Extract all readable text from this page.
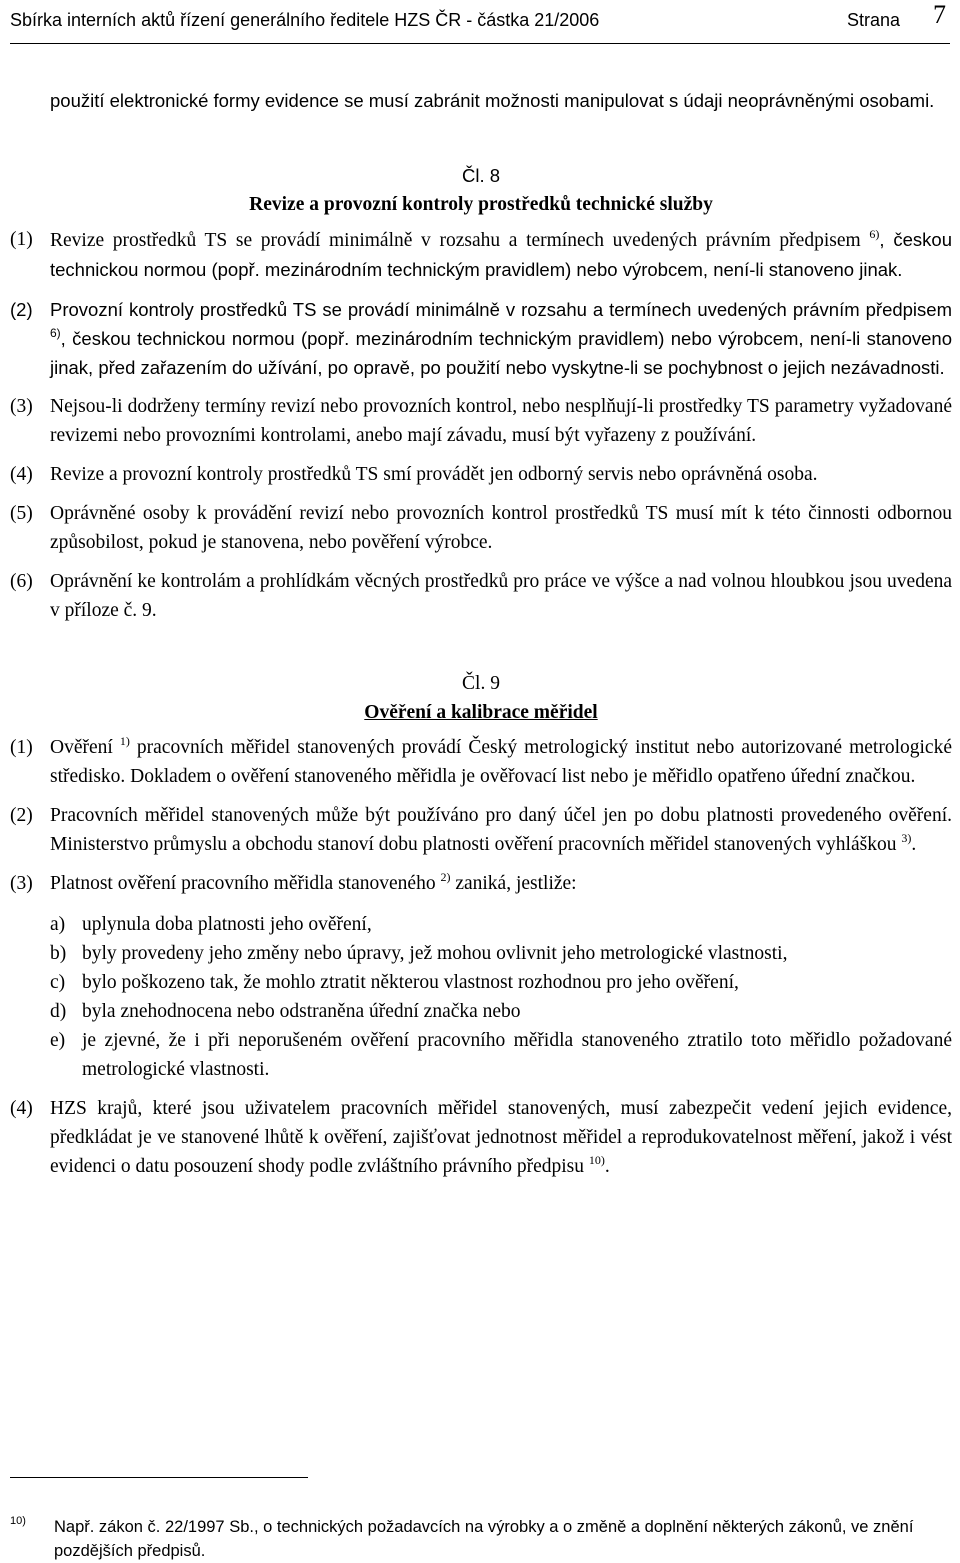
Sbírka interních aktů řízení generálního ředitele HZS ČR - částka 21/2006	Strana 7

použití elektronické formy evidence se musí zabránit možnosti manipulovat s údaji neoprávněnými osobami.

Čl. 8

Revize a provozní kontroly prostředků technické služby

(1) Revize prostředků TS se provádí minimálně v rozsahu a termínech uvedených právním předpisem $^{6)}$, českou technickou normou (popř. mezinárodním technickým pravidlem) nebo výrobcem, není-li stanoveno jinak.
(2) Provozní kontroly prostředků TS se provádí minimálně v rozsahu a termínech uvedených právním předpisem $^{6)}$, českou technickou normou (popř. mezinárodním technickým pravidlem) nebo výrobcem, není-li stanoveno jinak, před zařazením do užívání, po opravě, po použití nebo vyskytne-li se pochybnost o jejich nezávadnosti.
(3) Nejsou-li dodrženy termíny revizí nebo provozních kontrol, nebo nesplňují-li prostředky TS parametry vyžadované revizemi nebo provozními kontrolami, anebo mají závadu, musí být vyřazeny z používání.
(4) Revize a provozní kontroly prostředků TS smí provádět jen odborný servis nebo oprávněná osoba.
(5) Oprávněné osoby k provádění revizí nebo provozních kontrol prostředků TS musí mít k této činnosti odbornou způsobilost, pokud je stanovena, nebo pověření výrobce.
(6) Oprávnění ke kontrolám a prohlídkám věcných prostředků pro práce ve výšce a nad volnou hloubkou jsou uvedena v příloze č. 9.

Čl. 9

Ověření a kalibrace měřidel

(1) Ověření $^{1)}$ pracovních měřidel stanovených provádí Český metrologický institut nebo autorizované metrologické středisko. Dokladem o ověření stanoveného měřidla je ověřovací list nebo je měřidlo opatřeno úřední značkou.
(2) Pracovních měřidel stanovených může být používáno pro daný účel jen po dobu platnosti provedeného ověření. Ministerstvo průmyslu a obchodu stanoví dobu platnosti ověření pracovních měřidel stanovených vyhláškou $^{3)}$.
(3) Platnost ověření pracovního měřidla stanoveného $^{2)}$ zaniká, jestliže:
a) uplynula doba platnosti jeho ověření,
b) byly provedeny jeho změny nebo úpravy, jež mohou ovlivnit jeho metrologické vlastnosti,
c) bylo poškozeno tak, že mohlo ztratit některou vlastnost rozhodnou pro jeho ověření,
d) byla znehodnocena nebo odstraněna úřední značka nebo
e) je zjevné, že i při neporušeném ověření pracovního měřidla stanoveného ztratilo toto měřidlo požadované metrologické vlastnosti.
(4) HZS krajů, které jsou uživatelem pracovních měřidel stanovených, musí zabezpečit vedení jejich evidence, předkládat je ve stanovené lhůtě k ověření, zajišťovat jednotnost měřidel a reprodukovatelnost měření, jakož i vést evidenci o datu posouzení shody podle zvláštního právního předpisu $^{10)}$.
10) Např. zákon č. 22/1997 Sb., o technických požadavcích na výrobky a o změně a doplnění některých zákonů, ve znění pozdějších předpisů.
